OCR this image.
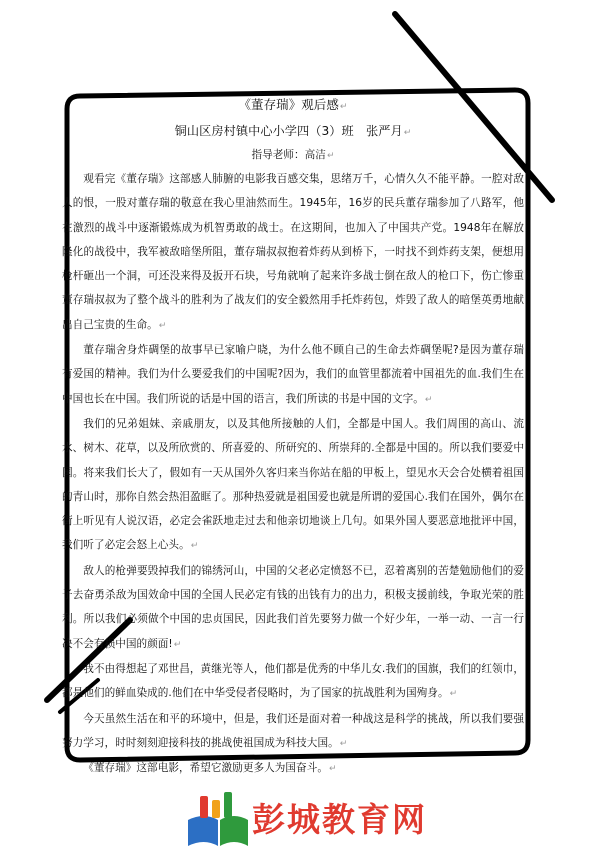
《董存瑞》观后感↵

铜山区房村镇中心小学四（3）班　张严月↵

指导老师：高洁↵

观看完《董存瑞》这部感人肺腑的电影我百感交集，思绪万千，心情久久不能平静。一腔对敌人的恨，一股对董存瑞的敬意在我心里油然而生。1945年，16岁的民兵董存瑞参加了八路军，他在激烈的战斗中逐渐锻炼成为机智勇敢的战士。在这期间，也加入了中国共产党。1948年在解放隆化的战役中，我军被敌暗堡所阻，董存瑞叔叔抱着炸药从到桥下，一时找不到炸药支架，便想用枪杆砸出一个洞，可还没来得及扳开石块，号角就响了起来许多战士倒在敌人的枪口下，伤亡惨重董存瑞叔叔为了整个战斗的胜利为了战友们的安全毅然用手托炸药包，炸毁了敌人的暗堡英勇地献出自己宝贵的生命。↵

董存瑞舍身炸碉堡的故事早已家喻户晓，为什么他不顾自己的生命去炸碉堡呢?是因为董存瑞有爱国的精神。我们为什么要爱我们的中国呢?因为，我们的血管里都流着中国祖先的血.我们生在中国也长在中国。我们所说的话是中国的语言，我们所读的书是中国的文字。↵

我们的兄弟姐妹、亲戚朋友，以及其他所接触的人们，全都是中国人。我们周围的高山、流水、树木、花草，以及所欣赏的、所喜爱的、所研究的、所崇拜的.全都是中国的。所以我们要爱中国。将来我们长大了，假如有一天从国外久客归来当你站在船的甲板上，望见水天会合处横着祖国的青山时，那你自然会热泪盈眶了。那种热爱就是祖国爱也就是所谓的爱国心.我们在国外，偶尔在街上听见有人说汉语，必定会雀跃地走过去和他亲切地谈上几句。如果外国人要恶意地批评中国，我们听了必定会怒上心头。↵

敌人的枪弹要毁掉我们的锦绣河山，中国的父老必定愤怒不已，忍着离别的苦楚勉励他们的爱子去奋勇杀敌为国效命中国的全国人民必定有钱的出钱有力的出力，积极支援前线，争取光荣的胜利。所以我们必须做个中国的忠贞国民，因此我们首先要努力做一个好少年，一举一动、一言一行决不会有损中国的颜面!↵

我不由得想起了邓世昌，黄继光等人，他们都是优秀的中华儿女.我们的国旗，我们的红领巾，都是他们的鲜血染成的.他们在中华受侵者侵略时，为了国家的抗战胜利为国殉身。↵

今天虽然生活在和平的环境中，但是，我们还是面对着一种战这是科学的挑战，所以我们要强努力学习，时时刻刻迎接科技的挑战使祖国成为科技大国。↵

《董存瑞》这部电影，希望它激励更多人为国奋斗。↵

彭城教育网
